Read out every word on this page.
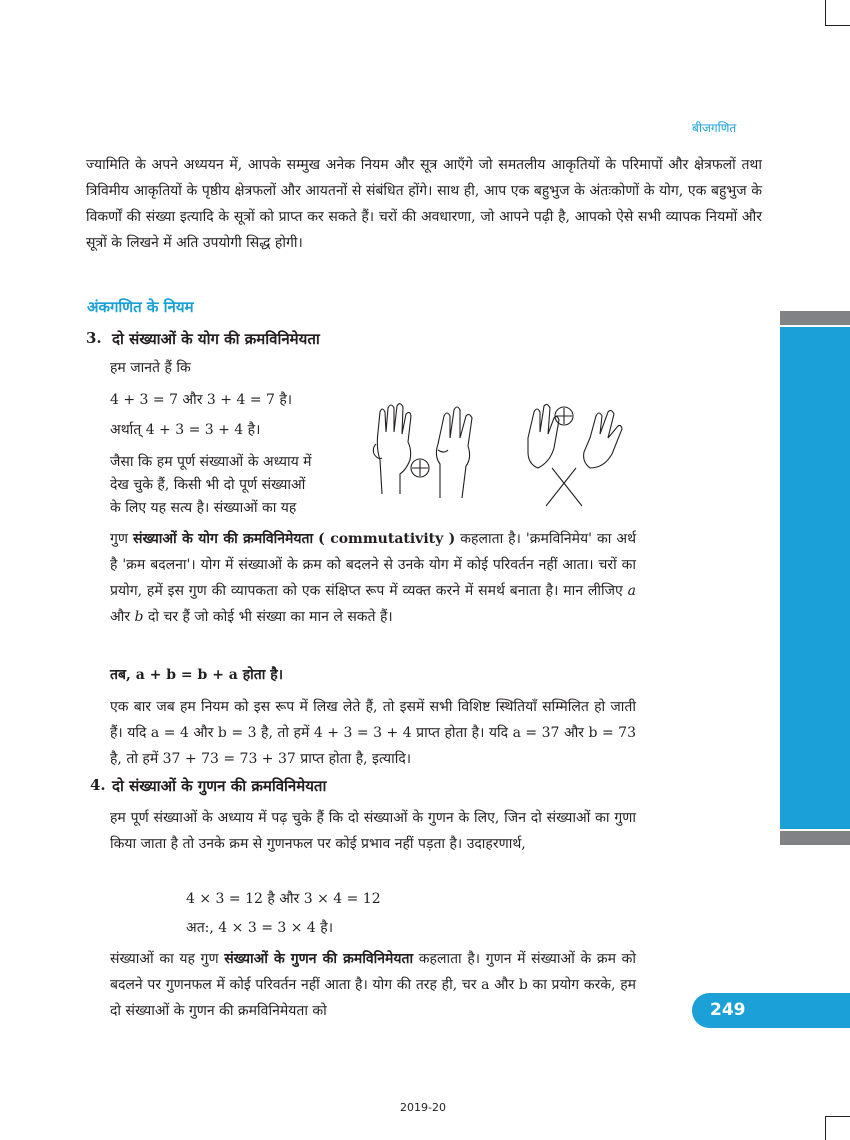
बीजगणित

ज्यामिति के अपने अध्ययन में, आपके सम्मुख अनेक नियम और सूत्र आएँगे जो समतलीय आकृतियों के परिमापों और क्षेत्रफलों तथा त्रिविमीय आकृतियों के पृष्ठीय क्षेत्रफलों और आयतनों से संबंधित होंगे। साथ ही, आप एक बहुभुज के अंतःकोणों के योग, एक बहुभुज के विकर्णों की संख्या इत्यादि के सूत्रों को प्राप्त कर सकते हैं। चरों की अवधारणा, जो आपने पढ़ी है, आपको ऐसे सभी व्यापक नियमों और सूत्रों के लिखने में अति उपयोगी सिद्ध होगी।

अंकगणित के नियम
3. दो संख्याओं के योग की क्रमविनिमेयता
हम जानते हैं कि
4 + 3 = 7 और 3 + 4 = 7 है।
अर्थात् 4 + 3 = 3 + 4 है।
जैसा कि हम पूर्ण संख्याओं के अध्याय में
देख चुके हैं, किसी भी दो पूर्ण संख्याओं
के लिए यह सत्य है। संख्याओं का यह

गुण संख्याओं के योग की क्रमविनिमेयता ( commutativity ) कहलाता है। 'क्रमविनिमेय' का अर्थ है 'क्रम बदलना'। योग में संख्याओं के क्रम को बदलने से उनके योग में कोई परिवर्तन नहीं आता। चरों का प्रयोग, हमें इस गुण की व्यापकता को एक संक्षिप्त रूप में व्यक्त करने में समर्थ बनाता है। मान लीजिए a और b दो चर हैं जो कोई भी संख्या का मान ले सकते हैं।

तब, a + b = b + a होता है।

एक बार जब हम नियम को इस रूप में लिख लेते हैं, तो इसमें सभी विशिष्ट स्थितियाँ सम्मिलित हो जाती हैं। यदि a = 4 और b = 3 है, तो हमें 4 + 3 = 3 + 4 प्राप्त होता है। यदि a = 37 और b = 73 है, तो हमें 37 + 73 = 73 + 37 प्राप्त होता है, इत्यादि।

4. दो संख्याओं के गुणन की क्रमविनिमेयता

हम पूर्ण संख्याओं के अध्याय में पढ़ चुके हैं कि दो संख्याओं के गुणन के लिए, जिन दो संख्याओं का गुणा किया जाता है तो उनके क्रम से गुणनफल पर कोई प्रभाव नहीं पड़ता है। उदाहरणार्थ,

4 × 3 = 12 है और 3 × 4 = 12
अत:, 4 × 3 = 3 × 4 है।

संख्याओं का यह गुण संख्याओं के गुणन की क्रमविनिमेयता कहलाता है। गुणन में संख्याओं के क्रम को बदलने पर गुणनफल में कोई परिवर्तन नहीं आता है। योग की तरह ही, चर a और b का प्रयोग करके, हम दो संख्याओं के गुणन की क्रमविनिमेयता को	249
2019-20
